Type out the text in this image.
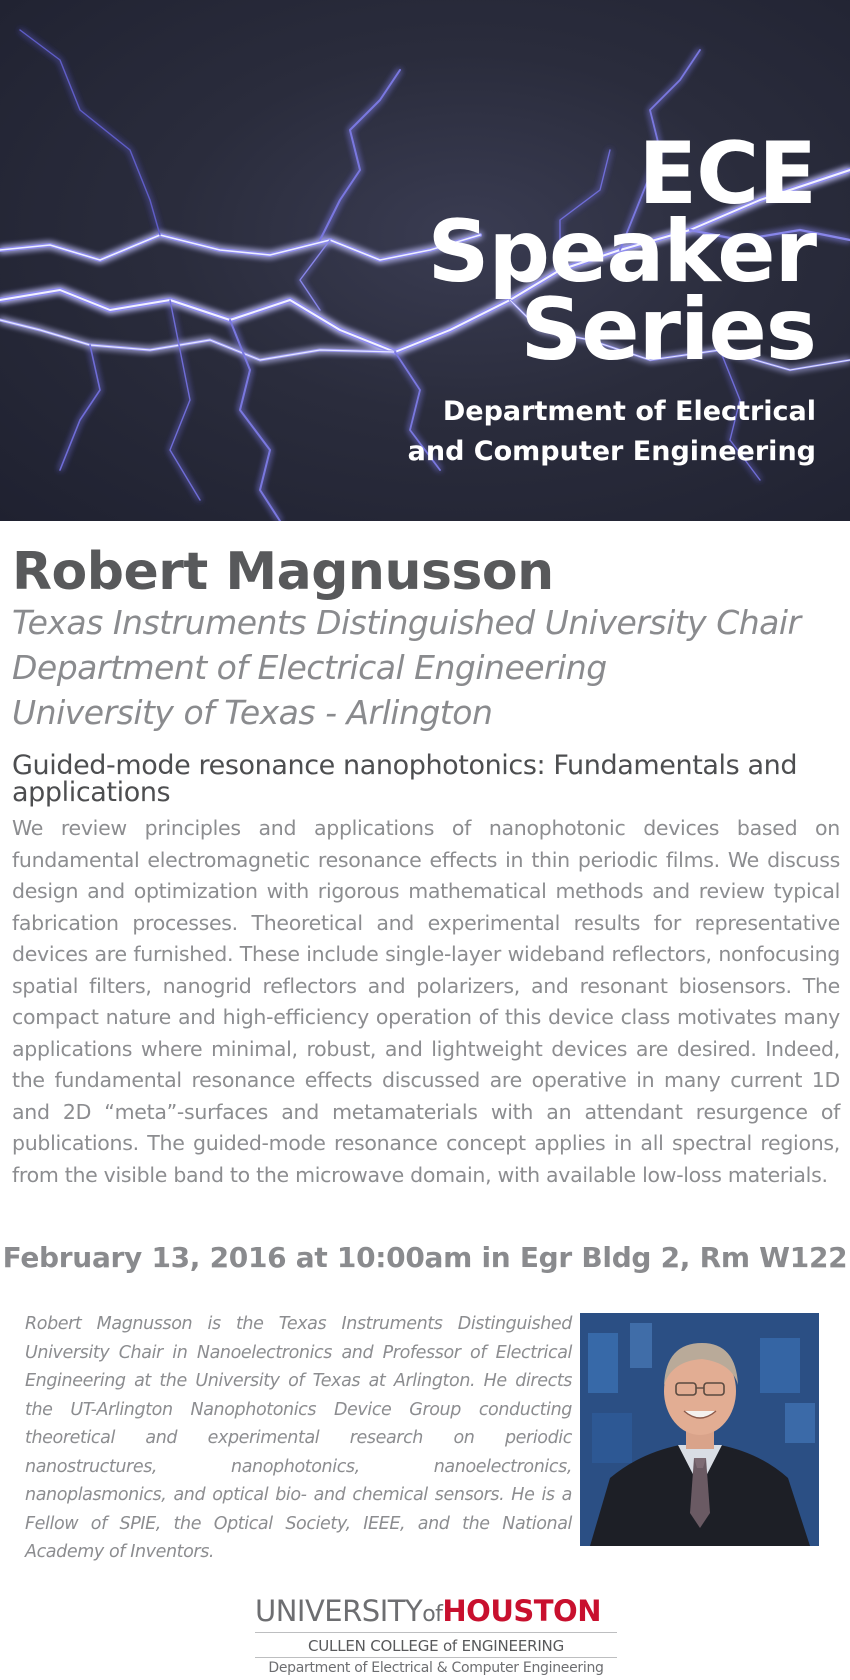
ECE
Speaker
Series
Department of Electrical
and Computer Engineering
Robert Magnusson
Texas Instruments Distinguished University Chair
Department of Electrical Engineering
University of Texas - Arlington
Guided-mode resonance nanophotonics: Fundamentals and applications

We review principles and applications of nanophotonic devices based on fundamental electromagnetic resonance effects in thin periodic films. We discuss design and optimization with rigorous mathematical methods and review typical fabrication processes. Theoretical and experimental results for representative devices are furnished. These include single-layer wideband reflectors, nonfocusing spatial filters, nanogrid reflectors and polarizers, and resonant biosensors. The compact nature and high-efficiency operation of this device class motivates many applications where minimal, robust, and lightweight devices are desired. Indeed, the fundamental resonance effects discussed are operative in many current 1D and 2D “meta”-surfaces and metamaterials with an attendant resurgence of publications. The guided-mode resonance concept applies in all spectral regions, from the visible band to the microwave domain, with available low-loss materials.

February 13, 2016 at 10:00am in Egr Bldg 2, Rm W122

Robert Magnusson is the Texas Instruments Distinguished University Chair in Nanoelectronics and Professor of Electrical Engineering at the University of Texas at Arlington. He directs the UT-Arlington Nanophotonics Device Group conducting theoretical and experimental research on periodic nanostructures, nanophotonics, nanoelectronics, nanoplasmonics, and optical bio- and chemical sensors. He is a Fellow of SPIE, the Optical Society, IEEE, and the National Academy of Inventors.

UNIVERSITYofHOUSTON
CULLEN COLLEGE of ENGINEERING
Department of Electrical & Computer Engineering
